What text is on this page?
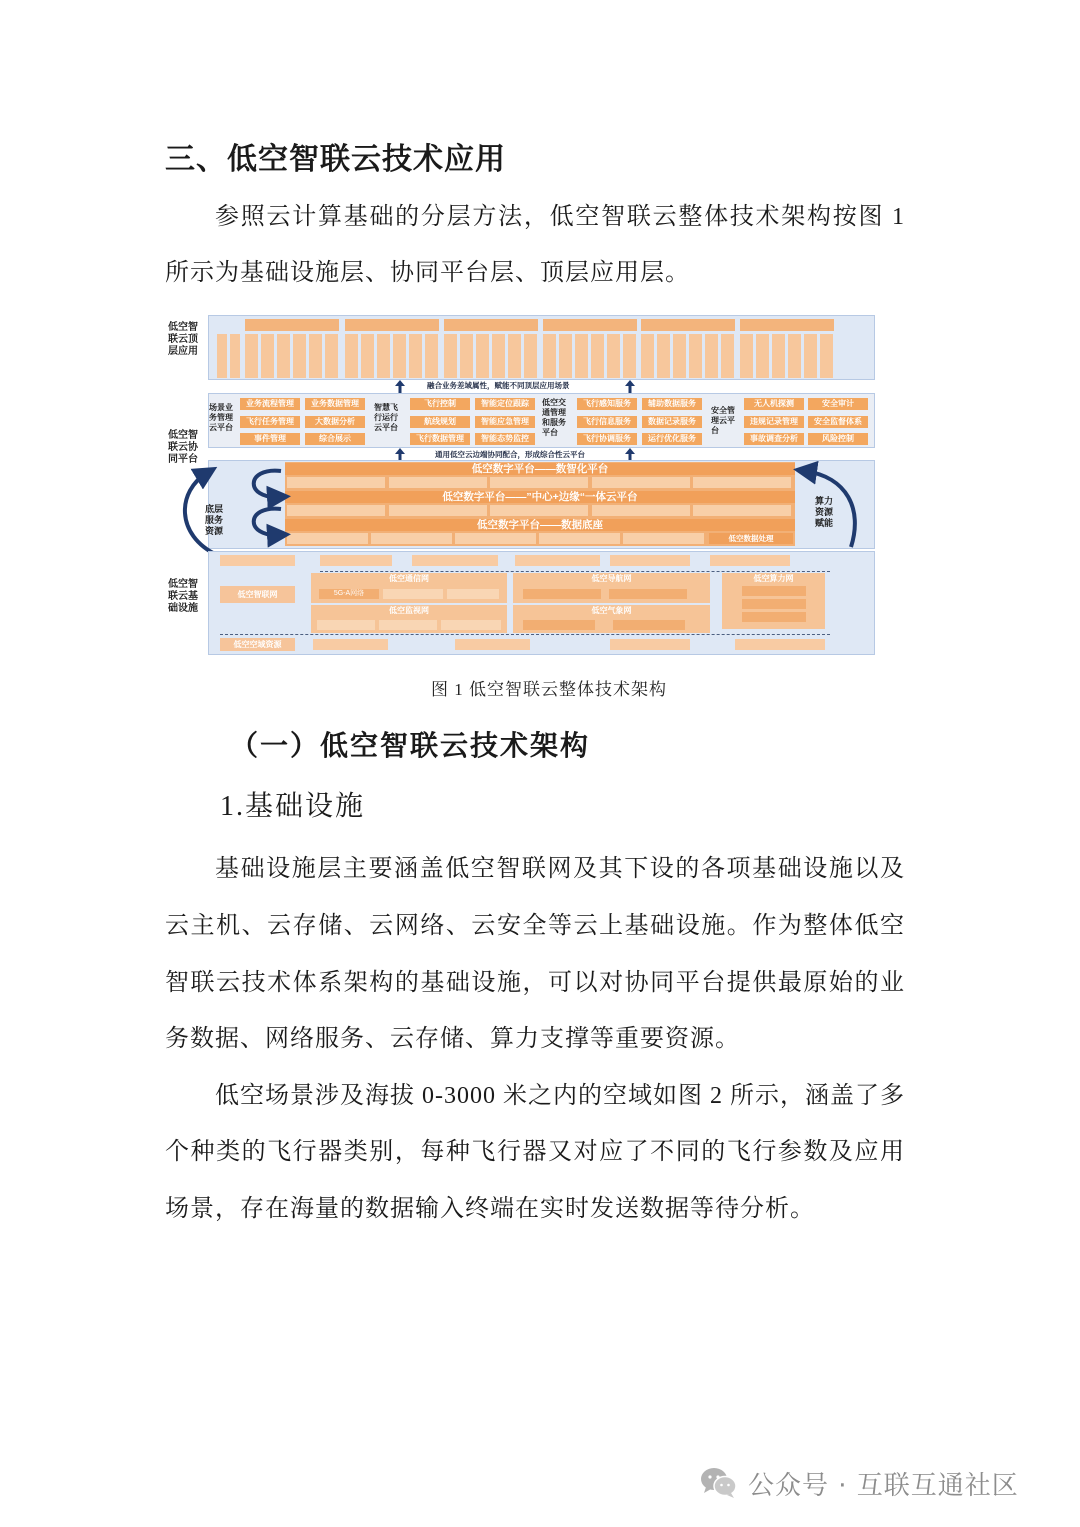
三、低空智联云技术应用
参照云计算基础的分层方法，低空智联云整体技术架构按图 1
所示为基础设施层、协同平台层、顶层应用层。
低空智联云顶层应用
低空智联云协同平台
低空智联云基础设施
融合业务差域属性，赋能不同顶层应用场景
场景业务管理云平台
业务流程管理	业务数据管理
飞行任务管理	大数据分析
事件管理	综合展示
智慧飞行运行云平台
飞行控制	智能定位跟踪
航线规划	智能应急管理
飞行数据管理	智能态势监控
低空交通管理和服务平台
飞行感知服务	辅助数据服务
飞行信息服务	数据记录服务
飞行协调服务	运行优化服务
安全管理云平台
无人机探测	安全审计
违规记录管理	安全监督体系
事故调查分析	风险控制
通用低空云边端协同配合，形成综合性云平台
低空数字平台——数智化平台
低空数字平台——”中心+边缘“一体云平台
低空数字平台——数据底座
低空数据处理
底层服务资源
算力资源赋能
低空智联网
低空通信网
5G-A网络
低空导航网	低空算力网
低空监视网	低空气象网
低空空域资源
图 1 低空智联云整体技术架构
（一）低空智联云技术架构
1.基础设施
基础设施层主要涵盖低空智联网及其下设的各项基础设施以及
云主机、云存储、云网络、云安全等云上基础设施。作为整体低空
智联云技术体系架构的基础设施，可以对协同平台提供最原始的业
务数据、网络服务、云存储、算力支撑等重要资源。
低空场景涉及海拔 0-3000 米之内的空域如图 2 所示，涵盖了多
个种类的飞行器类别，每种飞行器又对应了不同的飞行参数及应用
场景，存在海量的数据输入终端在实时发送数据等待分析。
公众号 · 互联互通社区
